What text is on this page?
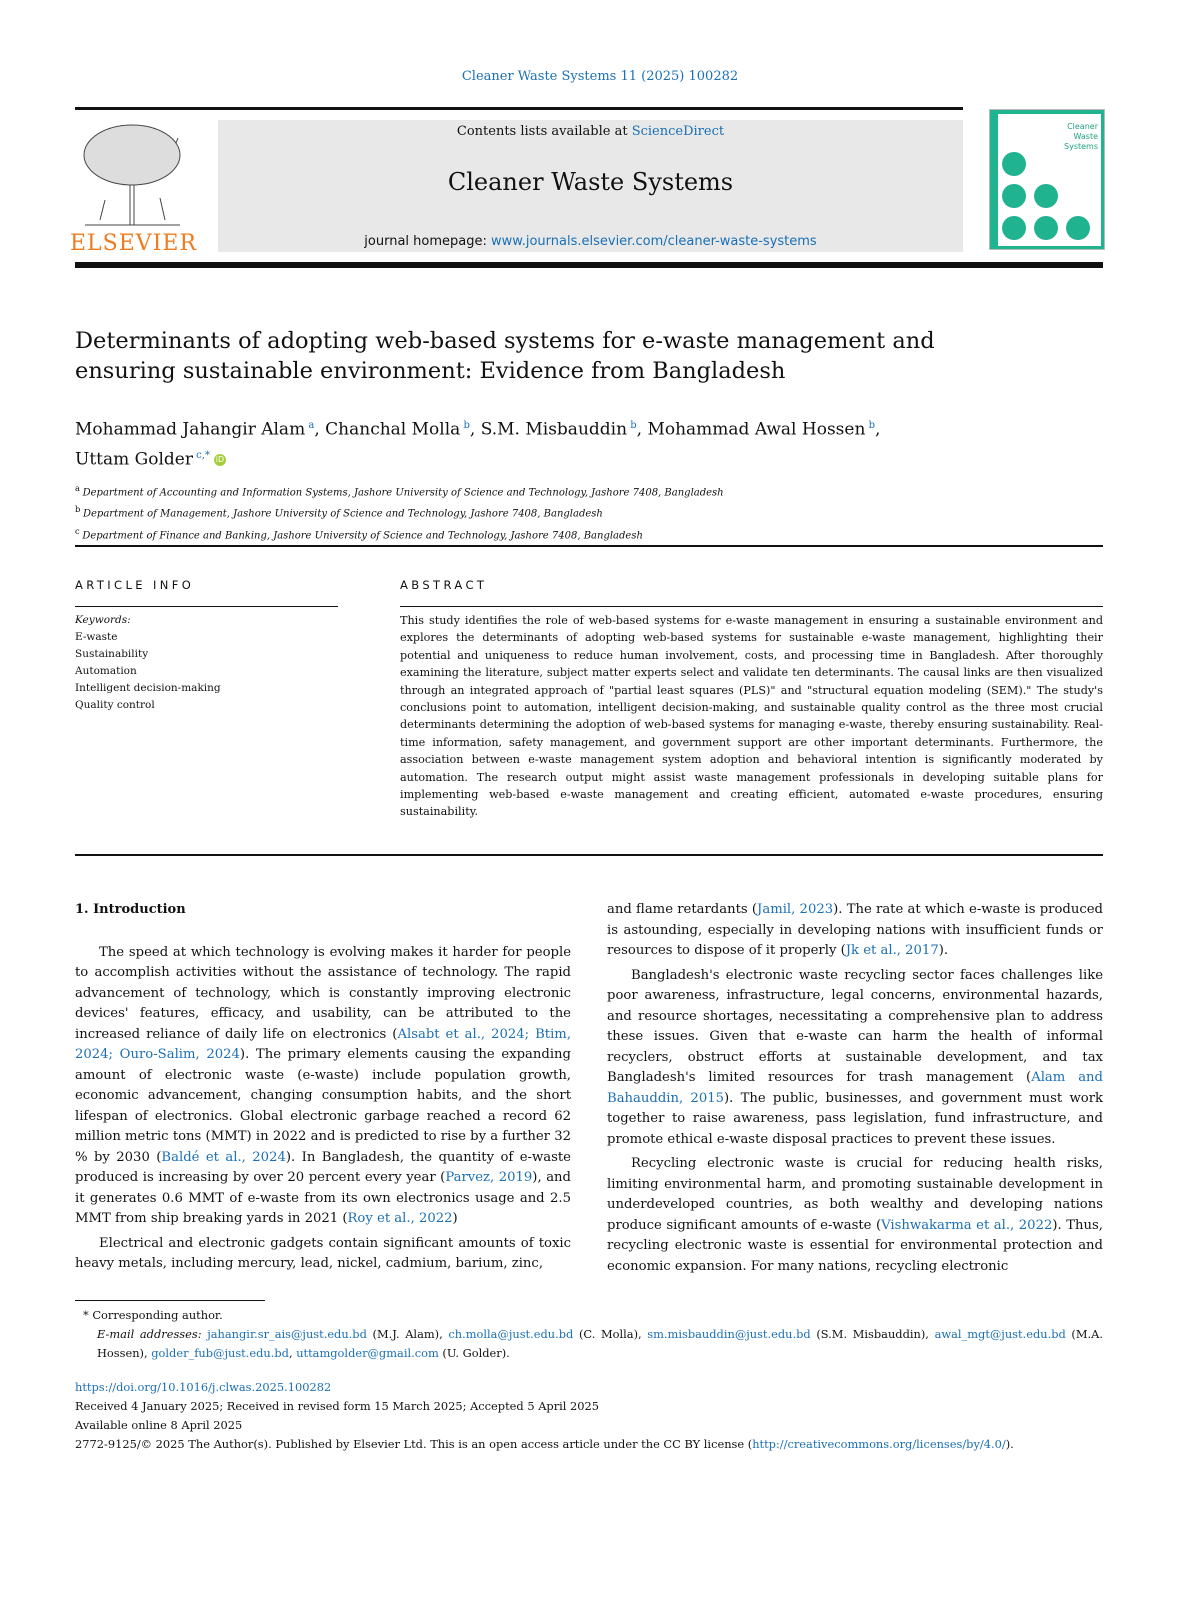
Cleaner Waste Systems 11 (2025) 100282
ELSEVIER
Contents lists available at ScienceDirect
Cleaner Waste Systems
journal homepage: www.journals.elsevier.com/cleaner-waste-systems
Cleaner Waste Systems
Determinants of adopting web-based systems for e-waste management and ensuring sustainable environment: Evidence from Bangladesh
Mohammad Jahangir Alam $^a$, Chanchal Molla $^b$, S.M. Misbauddin $^b$, Mohammad Awal Hossen $^b$,
Uttam Golder $^{c,*}$ iD
$^a$ Department of Accounting and Information Systems, Jashore University of Science and Technology, Jashore 7408, Bangladesh
$^b$ Department of Management, Jashore University of Science and Technology, Jashore 7408, Bangladesh
$^c$ Department of Finance and Banking, Jashore University of Science and Technology, Jashore 7408, Bangladesh
ARTICLE INFO	ABSTRACT
Keywords:
E-waste
Sustainability
Automation
Intelligent decision-making
Quality control
This study identifies the role of web-based systems for e-waste management in ensuring a sustainable environment and explores the determinants of adopting web-based systems for sustainable e-waste management, highlighting their potential and uniqueness to reduce human involvement, costs, and processing time in Bangladesh. After thoroughly examining the literature, subject matter experts select and validate ten determinants. The causal links are then visualized through an integrated approach of "partial least squares (PLS)" and "structural equation modeling (SEM)." The study's conclusions point to automation, intelligent decision-making, and sustainable quality control as the three most crucial determinants determining the adoption of web-based systems for managing e-waste, thereby ensuring sustainability. Real-time information, safety management, and government support are other important determinants. Furthermore, the association between e-waste management system adoption and behavioral intention is significantly moderated by automation. The research output might assist waste management professionals in developing suitable plans for implementing web-based e-waste management and creating efficient, automated e-waste procedures, ensuring sustainability.

1. Introduction

The speed at which technology is evolving makes it harder for people to accomplish activities without the assistance of technology. The rapid advancement of technology, which is constantly improving electronic devices' features, efficacy, and usability, can be attributed to the increased reliance of daily life on electronics (Alsabt et al., 2024; Btim, 2024; Ouro-Salim, 2024). The primary elements causing the expanding amount of electronic waste (e-waste) include population growth, economic advancement, changing consumption habits, and the short lifespan of electronics. Global electronic garbage reached a record 62 million metric tons (MMT) in 2022 and is predicted to rise by a further 32 % by 2030 (Baldé et al., 2024). In Bangladesh, the quantity of e-waste produced is increasing by over 20 percent every year (Parvez, 2019), and it generates 0.6 MMT of e-waste from its own electronics usage and 2.5 MMT from ship breaking yards in 2021 (Roy et al., 2022)

Electrical and electronic gadgets contain significant amounts of toxic heavy metals, including mercury, lead, nickel, cadmium, barium, zinc,

and flame retardants (Jamil, 2023). The rate at which e-waste is produced is astounding, especially in developing nations with insufficient funds or resources to dispose of it properly (Jk et al., 2017).

Bangladesh's electronic waste recycling sector faces challenges like poor awareness, infrastructure, legal concerns, environmental hazards, and resource shortages, necessitating a comprehensive plan to address these issues. Given that e-waste can harm the health of informal recyclers, obstruct efforts at sustainable development, and tax Bangladesh's limited resources for trash management (Alam and Bahauddin, 2015). The public, businesses, and government must work together to raise awareness, pass legislation, fund infrastructure, and promote ethical e-waste disposal practices to prevent these issues.

Recycling electronic waste is crucial for reducing health risks, limiting environmental harm, and promoting sustainable development in underdeveloped countries, as both wealthy and developing nations produce significant amounts of e-waste (Vishwakarma et al., 2022). Thus, recycling electronic waste is essential for environmental protection and economic expansion. For many nations, recycling electronic

* Corresponding author.
E-mail addresses: jahangir.sr_ais@just.edu.bd (M.J. Alam), ch.molla@just.edu.bd (C. Molla), sm.misbauddin@just.edu.bd (S.M. Misbauddin), awal_mgt@just.edu.bd (M.A. Hossen), golder_fub@just.edu.bd, uttamgolder@gmail.com (U. Golder).
https://doi.org/10.1016/j.clwas.2025.100282
Received 4 January 2025; Received in revised form 15 March 2025; Accepted 5 April 2025
Available online 8 April 2025
2772-9125/© 2025 The Author(s). Published by Elsevier Ltd. This is an open access article under the CC BY license (http://creativecommons.org/licenses/by/4.0/).
